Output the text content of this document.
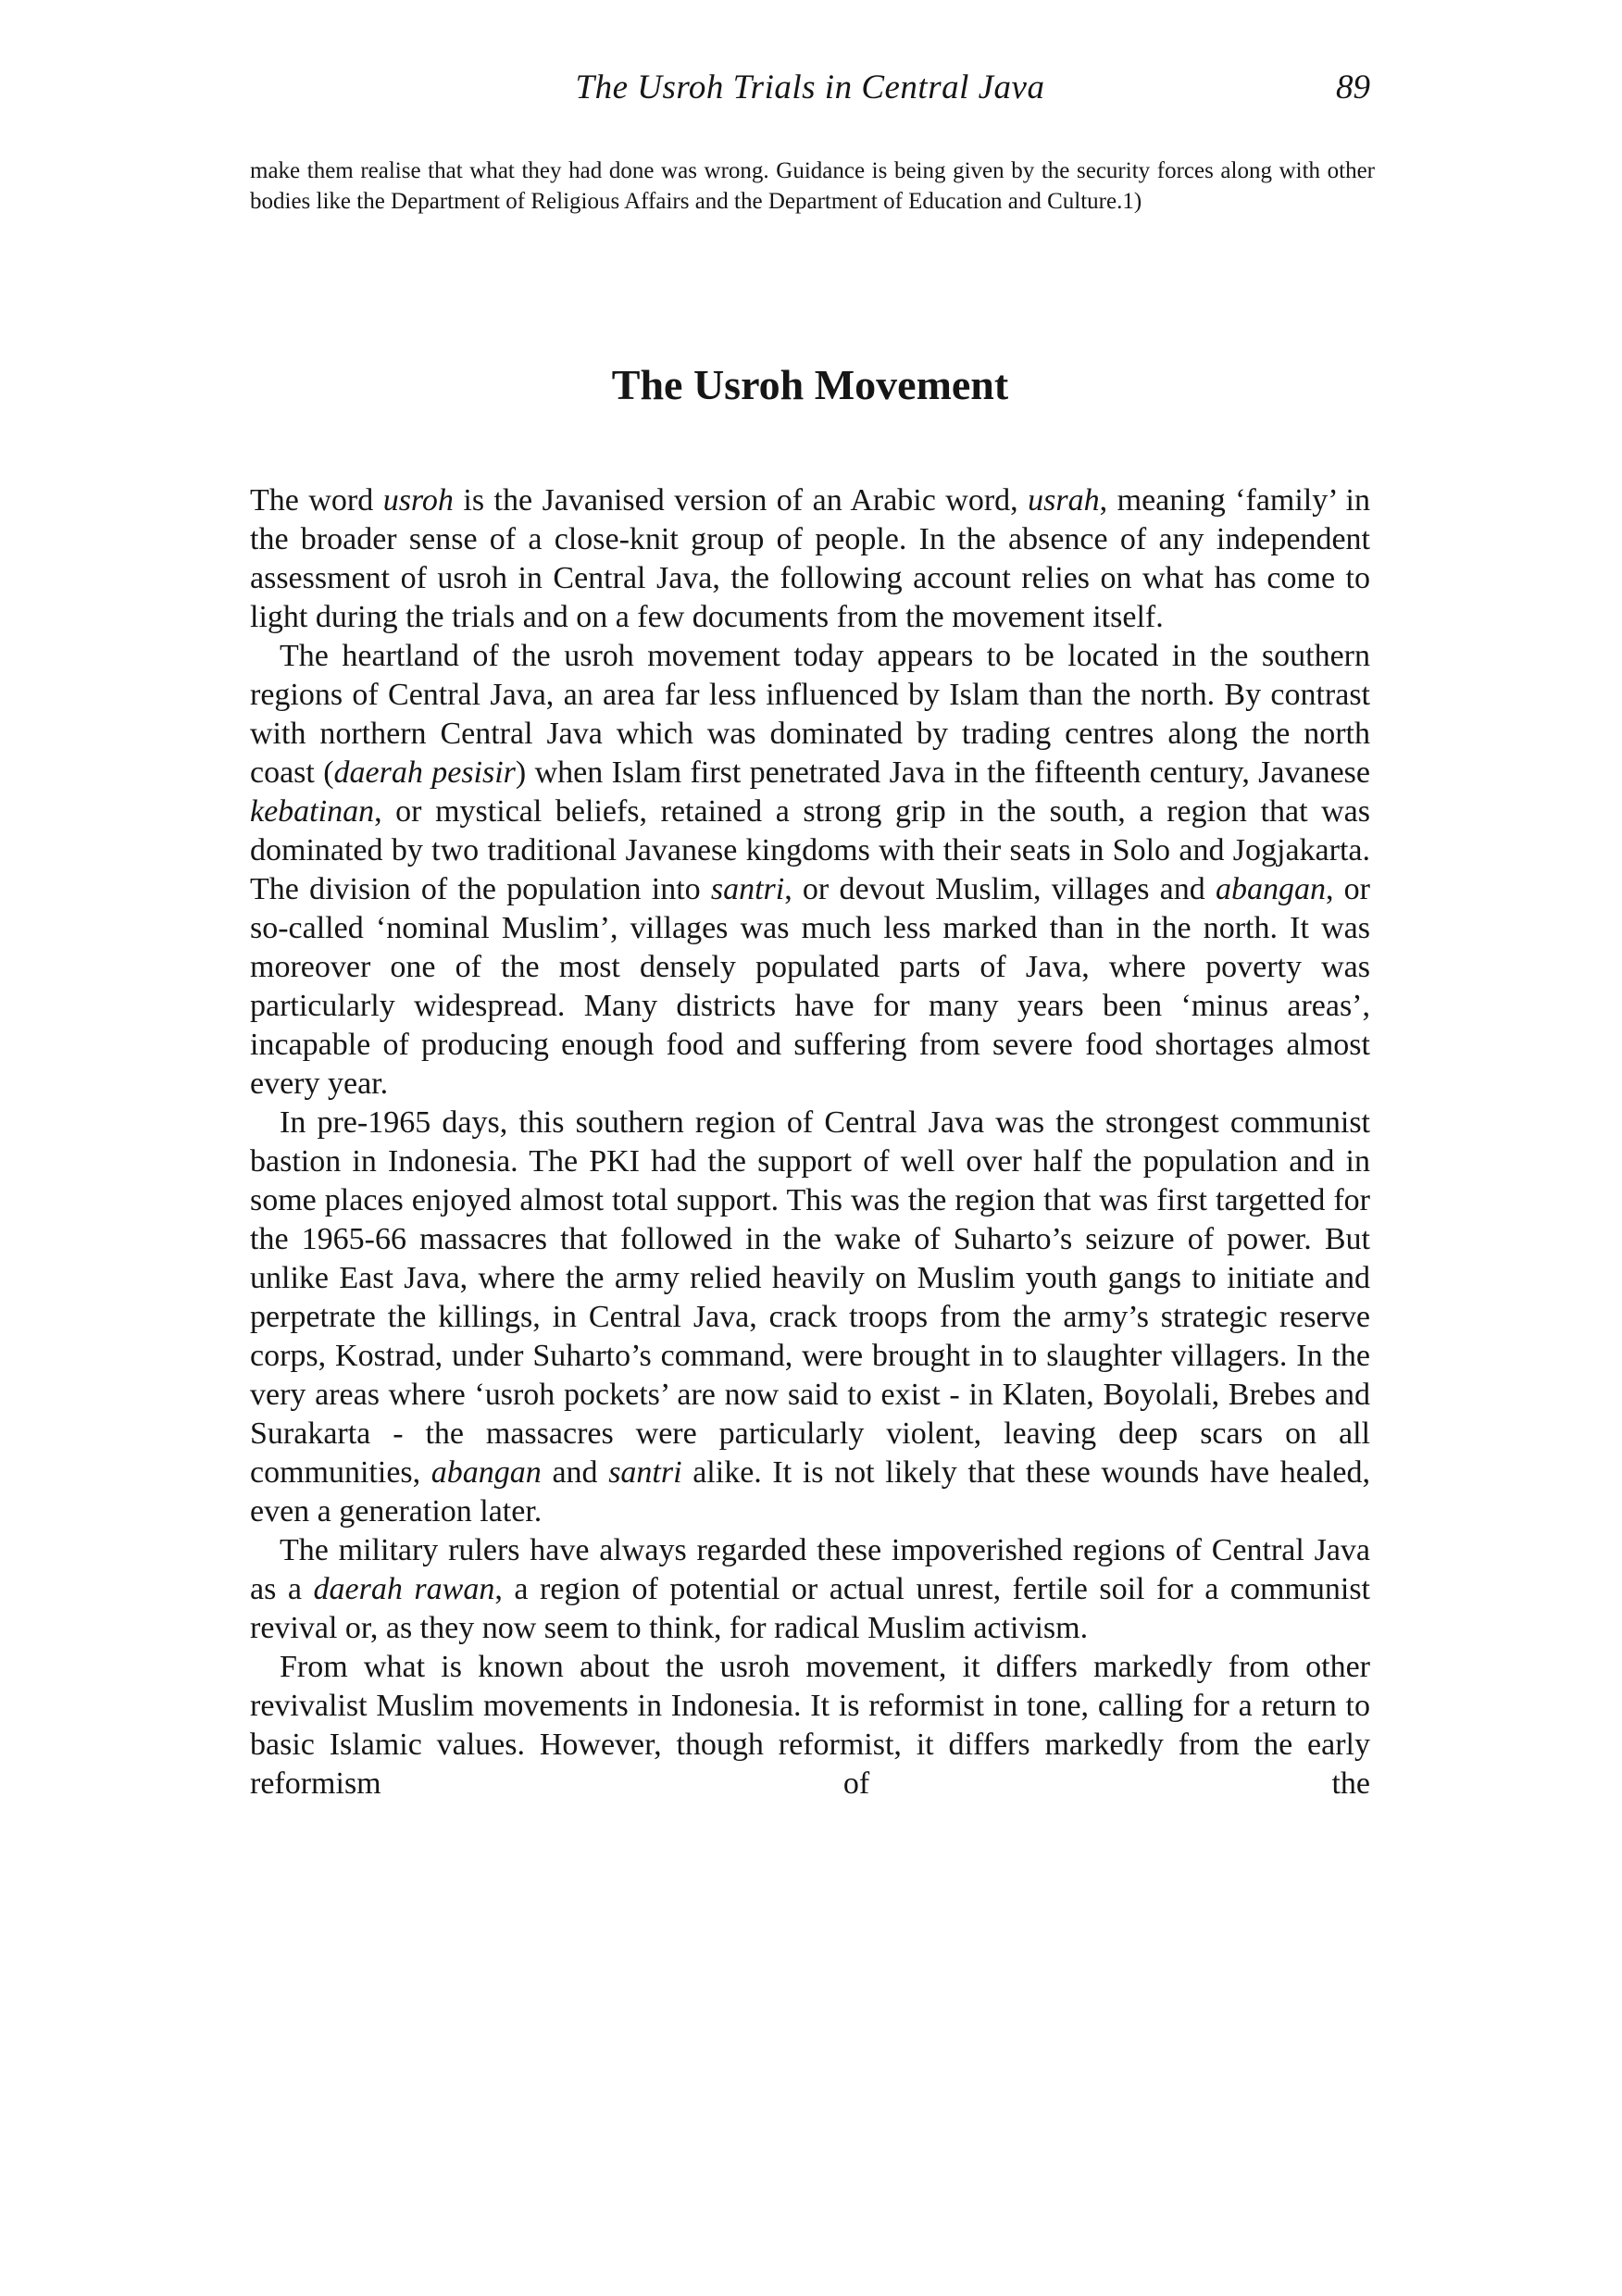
The Usroh Trials in Central Java	89

make them realise that what they had done was wrong. Guidance is being given by the security forces along with other bodies like the Department of Religious Affairs and the Department of Education and Culture.1)

The Usroh Movement

The word usroh is the Javanised version of an Arabic word, usrah, meaning ‘family’ in the broader sense of a close-knit group of people. In the absence of any independent assessment of usroh in Central Java, the following account relies on what has come to light during the trials and on a few documents from the movement itself.

The heartland of the usroh movement today appears to be located in the southern regions of Central Java, an area far less influenced by Islam than the north. By contrast with northern Central Java which was dominated by trading centres along the north coast (daerah pesisir) when Islam first penetrated Java in the fifteenth century, Javanese kebatinan, or mystical beliefs, retained a strong grip in the south, a region that was dominated by two traditional Javanese kingdoms with their seats in Solo and Jogjakarta. The division of the population into santri, or devout Muslim, villages and abangan, or so-called ‘nominal Muslim’, villages was much less marked than in the north. It was moreover one of the most densely populated parts of Java, where poverty was particularly widespread. Many districts have for many years been ‘minus areas’, incapable of producing enough food and suffering from severe food shortages almost every year.

In pre-1965 days, this southern region of Central Java was the strongest communist bastion in Indonesia. The PKI had the support of well over half the population and in some places enjoyed almost total support. This was the region that was first targetted for the 1965-66 massacres that followed in the wake of Suharto’s seizure of power. But unlike East Java, where the army relied heavily on Muslim youth gangs to initiate and perpetrate the killings, in Central Java, crack troops from the army’s strategic reserve corps, Kostrad, under Suharto’s command, were brought in to slaughter villagers. In the very areas where ‘usroh pockets’ are now said to exist - in Klaten, Boyolali, Brebes and Surakarta - the massacres were particularly violent, leaving deep scars on all communities, abangan and santri alike. It is not likely that these wounds have healed, even a generation later.

The military rulers have always regarded these impoverished regions of Central Java as a daerah rawan, a region of potential or actual unrest, fertile soil for a communist revival or, as they now seem to think, for radical Muslim activism.

From what is known about the usroh movement, it differs markedly from other revivalist Muslim movements in Indonesia. It is reformist in tone, calling for a return to basic Islamic values. However, though reformist, it differs markedly from the early reformism of the
